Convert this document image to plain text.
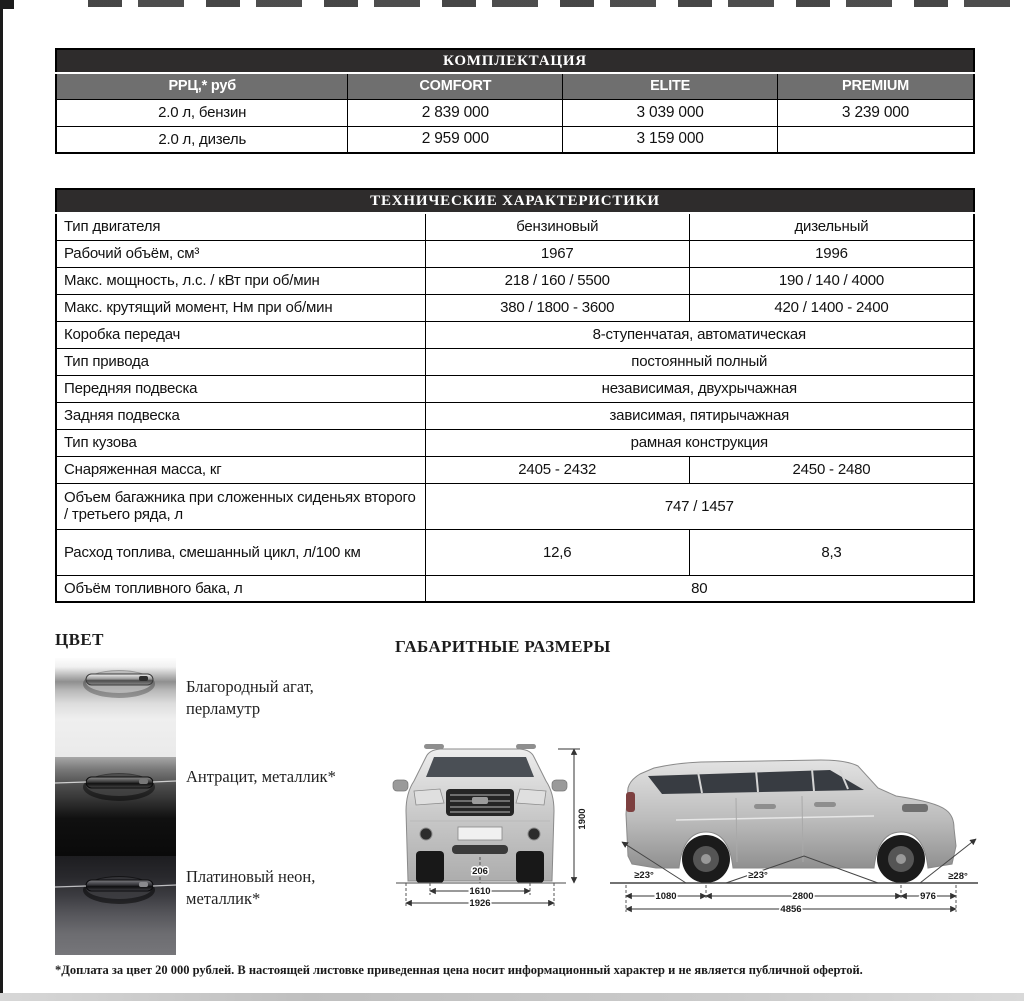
КОМПЛЕКТАЦИЯ			
РРЦ,* руб	COMFORT	ELITE	PREMIUM
2.0 л, бензин	2 839 000	3 039 000	3 239 000
2.0 л, дизель	2 959 000	3 159 000	
ТЕХНИЧЕСКИЕ ХАРАКТЕРИСТИКИ		
Тип двигателя	бензиновый	дизельный
Рабочий объём, см³	1967	1996
Макс. мощность, л.с. / кВт при об/мин	218 / 160 / 5500	190 / 140 / 4000
Макс. крутящий момент, Нм при об/мин	380 / 1800 - 3600	420 / 1400 - 2400
Коробка передач	8-ступенчатая, автоматическая	
Тип привода	постоянный полный	
Передняя подвеска	независимая, двухрычажная	
Задняя подвеска	зависимая, пятирычажная	
Тип кузова	рамная конструкция	
Снаряженная масса, кг	2405 - 2432	2450 - 2480
Объем багажника при сложенных сиденьях второго / третьего ряда, л	747 / 1457	
Расход топлива, смешанный цикл, л/100 км	12,6	8,3
Объём топливного бака, л	80	
ЦВЕТ
Благородный агат, перламутр
Антрацит, металлик*
Платиновый неон, металлик*
ГАБАРИТНЫЕ РАЗМЕРЫ
1900
206
1610
1926
≥23°	≥23°	≥28°
1080	2800	976
4856
*Доплата за цвет 20 000 рублей. В настоящей листовке приведенная цена носит информационный характер и не является публичной офертой.
